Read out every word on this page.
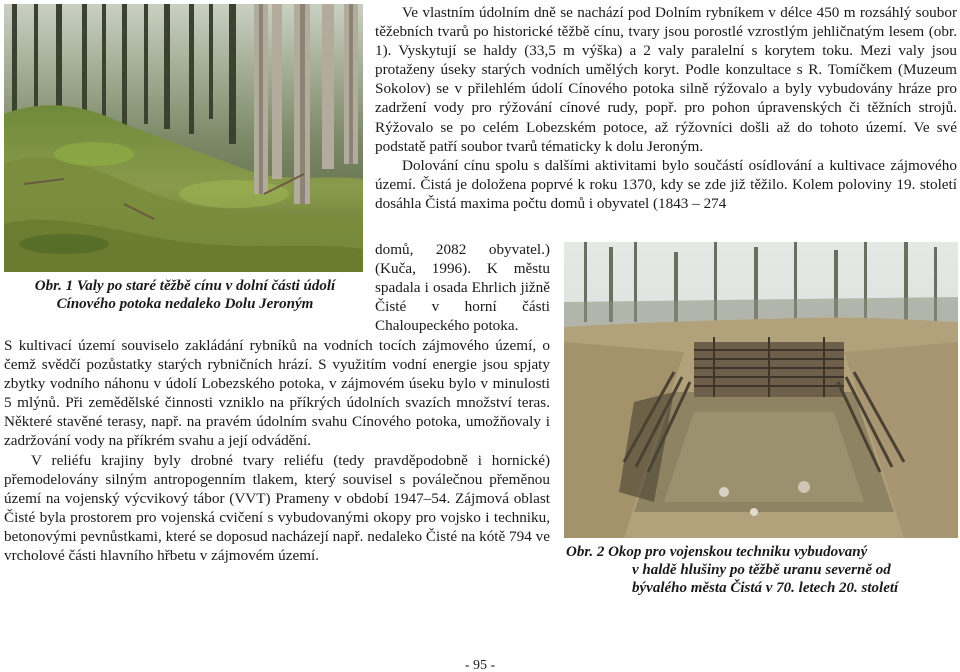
Obr. 1 Valy po staré těžbě cínu v dolní části údolí
Cínového potoka nedaleko Dolu Jeroným

Ve vlastním údolním dně se nachází pod Dolním rybníkem v délce 450 m rozsáhlý soubor těžebních tvarů po historické těžbě cínu, tvary jsou porostlé vzrostlým jehličnatým lesem (obr. 1). Vyskytují se haldy (33,5 m výška) a 2 valy paralelní s korytem toku. Mezi valy jsou protaženy úseky starých vodních umělých koryt. Podle konzultace s R. Tomíčkem (Muzeum Sokolov) se v přilehlém údolí Cínového potoka silně rýžovalo a byly vybudovány hráze pro zadržení vody pro rýžování cínové rudy, popř. pro pohon úpravenských či těžních strojů. Rýžovalo se po celém Lobezském potoce, až rýžovníci došli až do tohoto území. Ve své podstatě patří soubor tvarů tématicky k dolu Jeroným.

Dolování cínu spolu s dalšími aktivitami bylo součástí osídlování a kultivace zájmového území. Čistá je doložena poprvé k roku 1370, kdy se zde již těžilo. Kolem poloviny 19. století dosáhla Čistá maxima počtu domů i obyvatel (1843 – 274

domů, 2082 obyvatel.) (Kuča, 1996). K městu spadala i osada Ehrlich jižně Čisté v horní části Chaloupeckého potoka.

Obr. 2 Okop pro vojenskou techniku vybudovaný
v haldě hlušiny po těžbě uranu severně od
bývalého města Čistá v 70. letech 20. století

S kultivací území souviselo zakládání rybníků na vodních tocích zájmového území, o čemž svědčí pozůstatky starých rybničních hrází. S využitím vodní energie jsou spjaty zbytky vodního náhonu v údolí Lobezského potoka, v zájmovém úseku bylo v minulosti 5 mlýnů. Při zemědělské činnosti vzniklo na příkrých údolních svazích množství teras. Některé stavěné terasy, např. na pravém údolním svahu Cínového potoka, umožňovaly i zadržování vody na příkrém svahu a její odvádění.

V reliéfu krajiny byly drobné tvary reliéfu (tedy pravděpodobně i hornické) přemodelovány silným antropogenním tlakem, který souvisel s poválečnou přeměnou území na vojenský výcvikový tábor (VVT) Prameny v období 1947–54. Zájmová oblast Čisté byla prostorem pro vojenská cvičení s vybudovanými okopy pro vojsko i techniku, betonovými pevnůstkami, které se doposud nacházejí např. nedaleko Čisté na kótě 794 ve vrcholové části hlavního hřbetu v zájmovém území.

- 95 -
